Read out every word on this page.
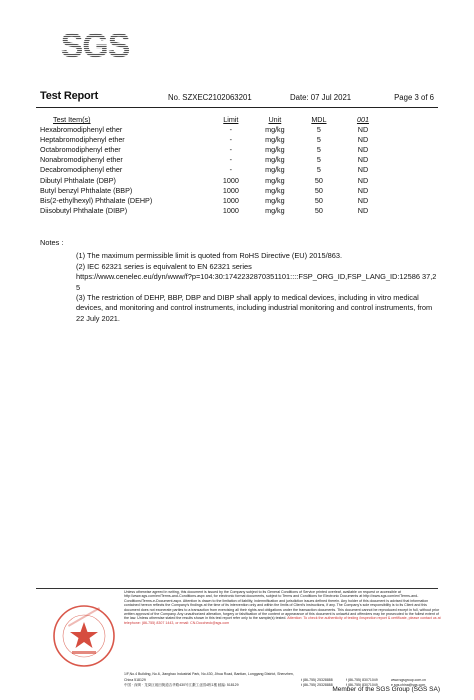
SGS
Test Report	No. SZXEC2102063201	Date: 07 Jul 2021	Page 3 of 6
Test Item(s)	Limit	Unit	MDL	001
Hexabromodiphenyl ether	-	mg/kg	5	ND
Heptabromodiphenyl ether	-	mg/kg	5	ND
Octabromodiphenyl ether	-	mg/kg	5	ND
Nonabromodiphenyl ether	-	mg/kg	5	ND
Decabromodiphenyl ether	-	mg/kg	5	ND
Dibutyl Phthalate (DBP)	1000	mg/kg	50	ND
Butyl benzyl Phthalate (BBP)	1000	mg/kg	50	ND
Bis(2-ethylhexyl) Phthalate (DEHP)	1000	mg/kg	50	ND
Diisobutyl Phthalate (DIBP)	1000	mg/kg	50	ND
Notes :
(1) The maximum permissible limit is quoted from RoHS Directive (EU) 2015/863.
(2) IEC 62321 series is equivalent to EN 62321 series
https://www.cenelec.eu/dyn/www/f?p=104:30:1742232870351101::::FSP_ORG_ID,FSP_LANG_ID:12586 37,25
(3) The restriction of DEHP, BBP, DBP and DIBP shall apply to medical devices, including in vitro medical devices, and monitoring and control instruments, including industrial monitoring and control instruments, from 22 July 2021.
Unless otherwise agreed in writing, this document is issued by the Company subject to its General Conditions of Service printed overleaf, available on request or accessible at http://www.sgs.com/en/Terms-and-Conditions.aspx and, for electronic format documents, subject to Terms and Conditions for Electronic Documents at http://www.sgs.com/en/Terms-and-Conditions/Terms-e-Document.aspx. Attention is drawn to the limitation of liability, indemnification and jurisdiction issues defined therein. Any holder of this document is advised that information contained hereon reflects the Company's findings at the time of its intervention only and within the limits of Client's instructions, if any. The Company's sole responsibility is to its Client and this document does not exonerate parties to a transaction from exercising all their rights and obligations under the transaction documents. This document cannot be reproduced except in full, without prior written approval of the Company. Any unauthorized alteration, forgery or falsification of the content or appearance of this document is unlawful and offenders may be prosecuted to the fullest extent of the law. Unless otherwise stated the results shown in this test report refer only to the sample(s) tested. Attention: To check the authenticity of testing /inspection report & certificate, please contact us at telephone: (86-755) 8307 1443, or email: CN.Doccheck@sgs.com
1/F,No.4 Building, No.6, Jianghao Industrial Park, No.430, Jihua Road, Bantian, Longgang District, Shenzhen, China 518129	t (86-755) 25328888	f (86-755) 83071049	www.sgsgroup.com.cn
中国 · 深圳 · 龙岗区坂田街道吉华路430号江灏工业园4栋1楼 邮编: 518129	t (86-755) 25328888	f (86-755) 83071049	e sgs.china@sgs.com
Member of the SGS Group (SGS SA)
